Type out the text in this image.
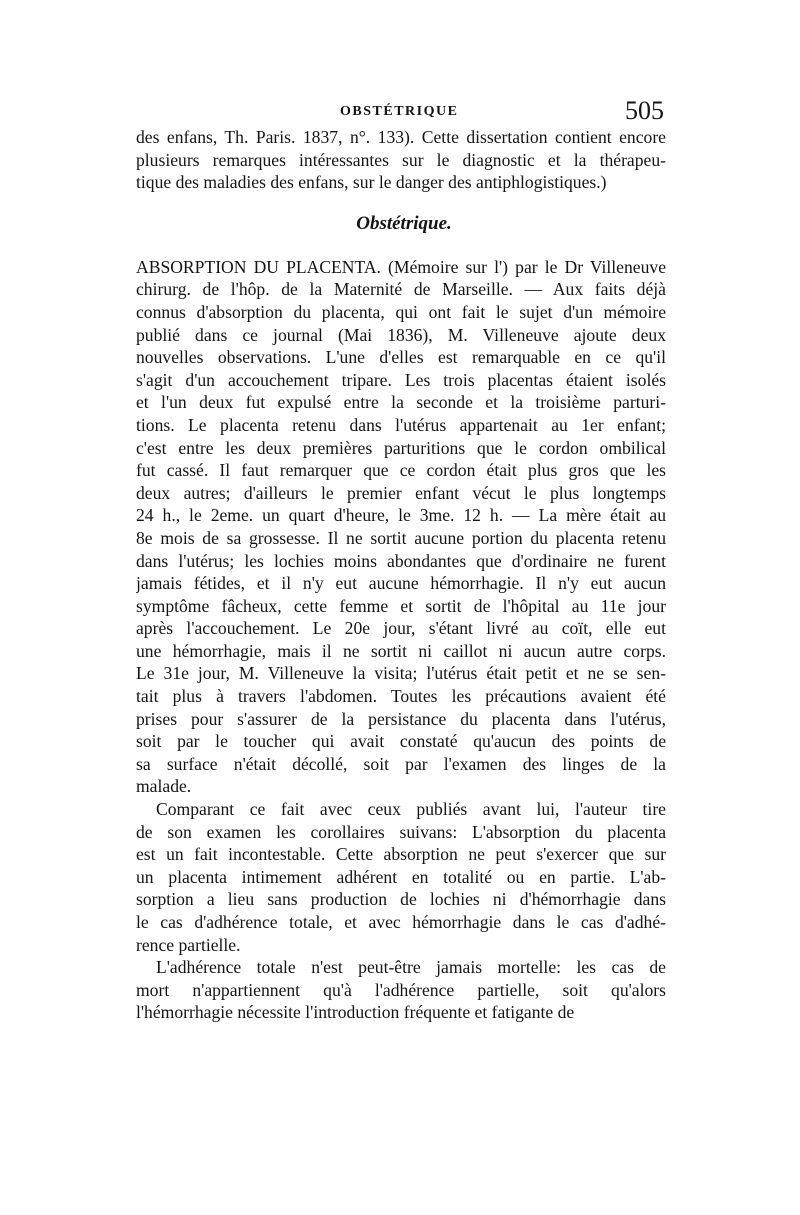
OBSTÉTRIQUE	505
des enfans, Th. Paris. 1837, n°. 133). Cette dissertation contient encore
plusieurs remarques intéressantes sur le diagnostic et la thérapeu-
tique des maladies des enfans, sur le danger des antiphlogistiques.)
Obstétrique.
ABSORPTION DU PLACENTA. (Mémoire sur l') par le Dr Villeneuve
chirurg. de l'hôp. de la Maternité de Marseille. — Aux faits déjà
connus d'absorption du placenta, qui ont fait le sujet d'un mémoire
publié dans ce journal (Mai 1836), M. Villeneuve ajoute deux
nouvelles observations. L'une d'elles est remarquable en ce qu'il
s'agit d'un accouchement tripare. Les trois placentas étaient isolés
et l'un deux fut expulsé entre la seconde et la troisième parturi-
tions. Le placenta retenu dans l'utérus appartenait au 1er enfant;
c'est entre les deux premières parturitions que le cordon ombilical
fut cassé. Il faut remarquer que ce cordon était plus gros que les
deux autres; d'ailleurs le premier enfant vécut le plus longtemps
24 h., le 2eme. un quart d'heure, le 3me. 12 h. — La mère était au
8e mois de sa grossesse. Il ne sortit aucune portion du placenta retenu
dans l'utérus; les lochies moins abondantes que d'ordinaire ne furent
jamais fétides, et il n'y eut aucune hémorrhagie. Il n'y eut aucun
symptôme fâcheux, cette femme et sortit de l'hôpital au 11e jour
après l'accouchement. Le 20e jour, s'étant livré au coït, elle eut
une hémorrhagie, mais il ne sortit ni caillot ni aucun autre corps.
Le 31e jour, M. Villeneuve la visita; l'utérus était petit et ne se sen-
tait plus à travers l'abdomen. Toutes les précautions avaient été
prises pour s'assurer de la persistance du placenta dans l'utérus,
soit par le toucher qui avait constaté qu'aucun des points de
sa surface n'était décollé, soit par l'examen des linges de la
malade.
Comparant ce fait avec ceux publiés avant lui, l'auteur tire
de son examen les corollaires suivans: L'absorption du placenta
est un fait incontestable. Cette absorption ne peut s'exercer que sur
un placenta intimement adhérent en totalité ou en partie. L'ab-
sorption a lieu sans production de lochies ni d'hémorrhagie dans
le cas d'adhérence totale, et avec hémorrhagie dans le cas d'adhé-
rence partielle.
L'adhérence totale n'est peut-être jamais mortelle: les cas de
mort n'appartiennent qu'à l'adhérence partielle, soit qu'alors
l'hémorrhagie nécessite l'introduction fréquente et fatigante de
